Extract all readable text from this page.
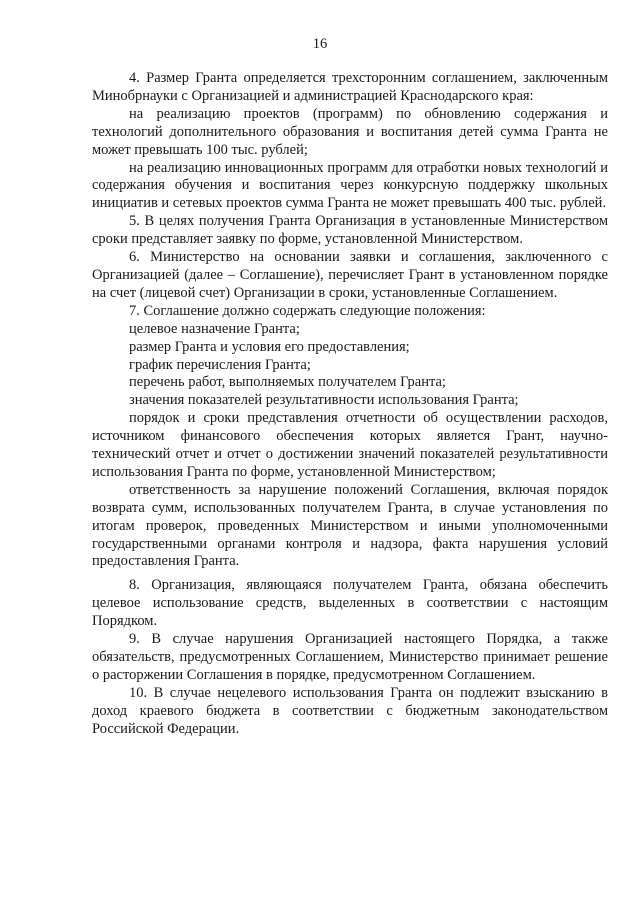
16

4. Размер Гранта определяется трехсторонним соглашением, заключенным Минобрнауки с Организацией и администрацией Краснодарского края:

на реализацию проектов (программ) по обновлению содержания и технологий дополнительного образования и воспитания детей сумма Гранта не может превышать 100 тыс. рублей;

на реализацию инновационных программ для отработки новых технологий и содержания обучения и воспитания через конкурсную поддержку школьных инициатив и сетевых проектов сумма Гранта не может превышать 400 тыс. рублей.

5. В целях получения Гранта Организация в установленные Министерством сроки представляет заявку по форме, установленной Министерством.

6. Министерство на основании заявки и соглашения, заключенного с Организацией (далее – Соглашение), перечисляет Грант в установленном порядке на счет (лицевой счет) Организации в сроки, установленные Соглашением.

7. Соглашение должно содержать следующие положения:

целевое назначение Гранта;

размер Гранта и условия его предоставления;

график перечисления Гранта;

перечень работ, выполняемых получателем Гранта;

значения показателей результативности использования Гранта;

порядок и сроки представления отчетности об осуществлении расходов, источником финансового обеспечения которых является Грант, научно-технический отчет и отчет о достижении значений показателей результативности использования Гранта по форме, установленной Министерством;

ответственность за нарушение положений Соглашения, включая порядок возврата сумм, использованных получателем Гранта, в случае установления по итогам проверок, проведенных Министерством и иными уполномоченными государственными органами контроля и надзора, факта нарушения условий предоставления Гранта.

8. Организация, являющаяся получателем Гранта, обязана обеспечить целевое использование средств, выделенных в соответствии с настоящим Порядком.

9. В случае нарушения Организацией настоящего Порядка, а также обязательств, предусмотренных Соглашением, Министерство принимает решение о расторжении Соглашения в порядке, предусмотренном Соглашением.

10. В случае нецелевого использования Гранта он подлежит взысканию в доход краевого бюджета в соответствии с бюджетным законодательством Российской Федерации.
